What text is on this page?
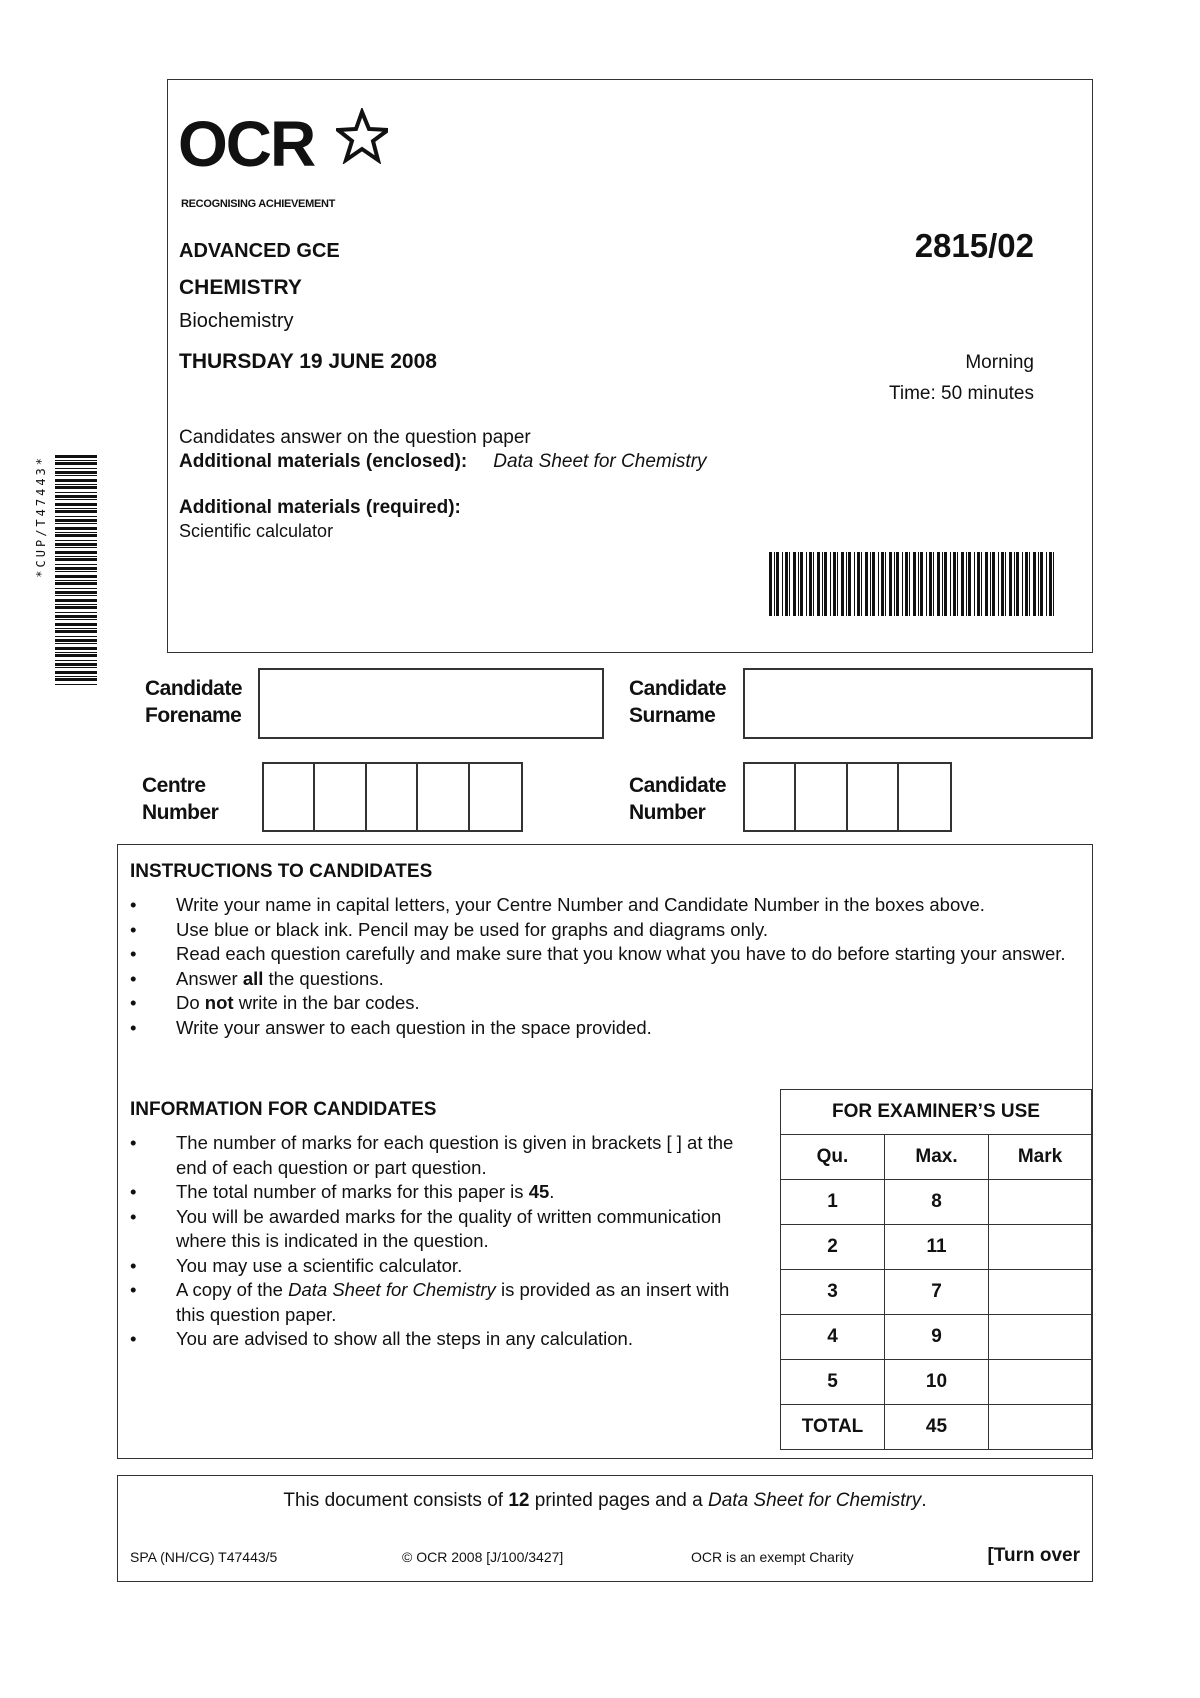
OCR
RECOGNISING ACHIEVEMENT
ADVANCED GCE	2815/02
CHEMISTRY
Biochemistry
THURSDAY 19 JUNE 2008	Morning
Time: 50 minutes
Candidates answer on the question paper
Additional materials (enclosed): Data Sheet for Chemistry
Additional materials (required):
Scientific calculator
*CUP/T47443*
Candidate
Forename
Candidate
Surname
Centre
Number
Candidate
Number
INSTRUCTIONS TO CANDIDATES
• Write your name in capital letters, your Centre Number and Candidate Number in the boxes above.
• Use blue or black ink. Pencil may be used for graphs and diagrams only.
• Read each question carefully and make sure that you know what you have to do before starting your answer.
• Answer all the questions.
• Do not write in the bar codes.
• Write your answer to each question in the space provided.
INFORMATION FOR CANDIDATES
• The number of marks for each question is given in brackets [ ] at the end of each question or part question.
• The total number of marks for this paper is 45.
• You will be awarded marks for the quality of written communication where this is indicated in the question.
• You may use a scientific calculator.
• A copy of the Data Sheet for Chemistry is provided as an insert with this question paper.
• You are advised to show all the steps in any calculation.
FOR EXAMINER’S USE		
Qu.	Max.	Mark
1	8	
2	11	
3	7	
4	9	
5	10	
TOTAL	45	
This document consists of 12 printed pages and a Data Sheet for Chemistry.
SPA (NH/CG) T47443/5	© OCR 2008 [J/100/3427]	OCR is an exempt Charity	[Turn over
